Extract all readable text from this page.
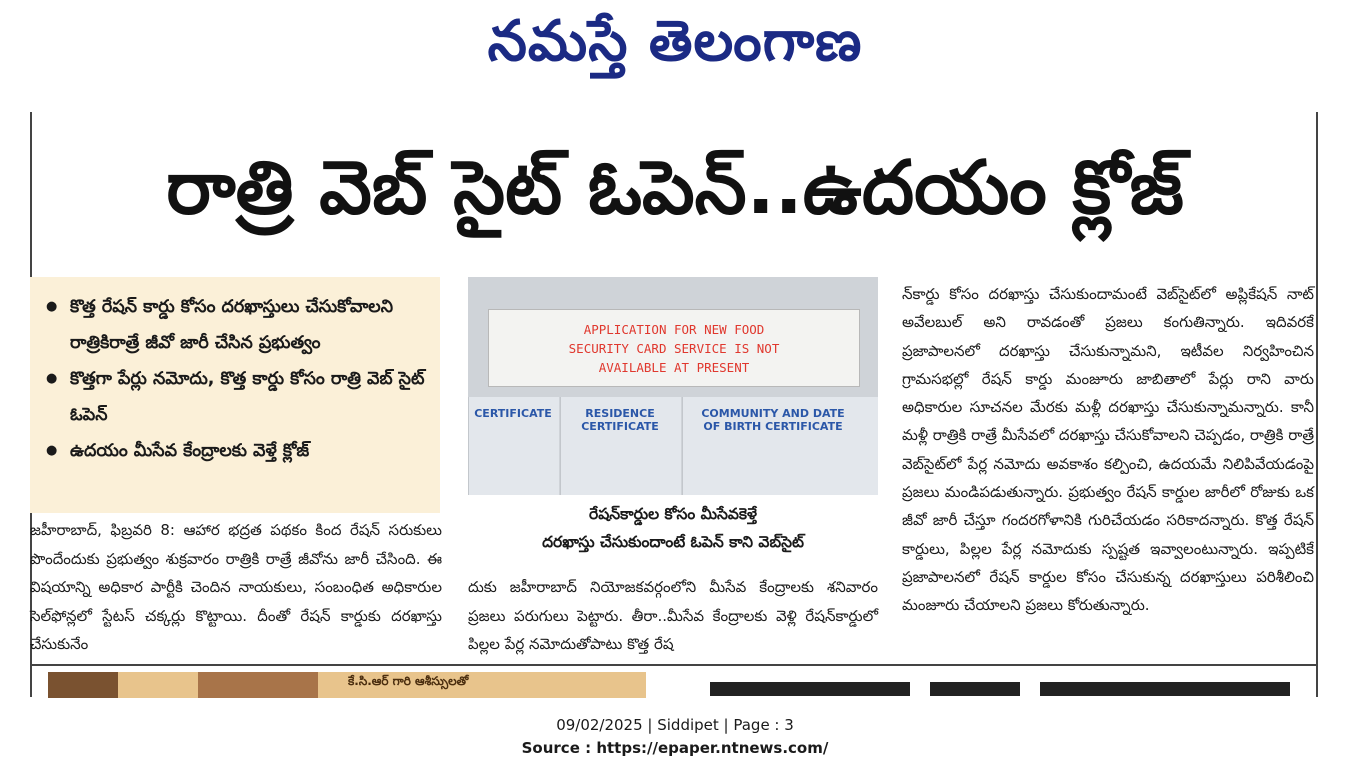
నమస్తే తెలంగాణ
రాత్రి వెబ్ సైట్ ఓపెన్..ఉదయం క్లోజ్
● కొత్త రేషన్ కార్డు కోసం దరఖాస్తులు చేసుకోవాలని రాత్రికిరాత్రే జీవో జారీ చేసిన ప్రభుత్వం
● కొత్తగా పేర్లు నమోదు, కొత్త కార్డు కోసం రాత్రి వెబ్ సైట్ ఓపెన్
● ఉదయం మీసేవ కేంద్రాలకు వెళ్తే క్లోజ్
జహీరాబాద్, ఫిబ్రవరి 8: ఆహార భద్రత పథకం కింద రేషన్ సరుకులు పొందేందుకు ప్రభుత్వం శుక్రవారం రాత్రికి రాత్రే జీవోను జారీ చేసింది. ఈ విషయాన్ని అధికార పార్టీకి చెందిన నాయకులు, సంబంధిత అధికారుల సెల్‌ఫోన్లలో స్టేటస్ చక్కర్లు కొట్టాయి. దీంతో రేషన్ కార్డుకు దరఖాస్తు చేసుకునేం
APPLICATION FOR NEW FOOD
SECURITY CARD SERVICE IS NOT
AVAILABLE AT PRESENT
CERTIFICATE	RESIDENCE CERTIFICATE
COMMUNITY AND DATE OF BIRTH CERTIFICATE
రేషన్‌కార్డుల కోసం మీసేవకెళ్తే
దరఖాస్తు చేసుకుందాంటే ఓపెన్ కాని వెబ్‌సైట్
దుకు జహీరాబాద్ నియోజకవర్గంలోని మీసేవ కేంద్రాలకు శనివారం ప్రజలు పరుగులు పెట్టారు. తీరా..మీసేవ కేంద్రాలకు వెళ్లి రేషన్‌కార్డులో పిల్లల పేర్ల నమోదుతోపాటు కొత్త రేష
న్‌కార్డు కోసం దరఖాస్తు చేసుకుందామంటే వెబ్‌సైట్‌లో అప్లికేషన్ నాట్ అవేలబుల్ అని రావడంతో ప్రజలు కంగుతిన్నారు. ఇదివరకే ప్రజాపాలనలో దరఖాస్తు చేసుకున్నామని, ఇటీవల నిర్వహించిన గ్రామసభల్లో రేషన్ కార్డు మంజూరు జాబితాలో పేర్లు రాని వారు అధికారుల సూచనల మేరకు మళ్లీ దరఖాస్తు చేసుకున్నామన్నారు. కానీ మళ్లీ రాత్రికి రాత్రే మీసేవలో దరఖాస్తు చేసుకోవాలని చెప్పడం, రాత్రికి రాత్రే వెబ్‌సైట్‌లో పేర్ల నమోదు అవకాశం కల్పించి, ఉదయమే నిలిపివేయడంపై ప్రజలు మండిపడుతున్నారు. ప్రభుత్వం రేషన్ కార్డుల జారీలో రోజుకు ఒక జీవో జారీ చేస్తూ గందరగోళానికి గురిచేయడం సరికాదన్నారు. కొత్త రేషన్ కార్డులు, పిల్లల పేర్ల నమోదుకు స్పష్టత ఇవ్వాలంటున్నారు. ఇప్పటికే ప్రజాపాలనలో రేషన్ కార్డుల కోసం చేసుకున్న దరఖాస్తులు పరిశీలించి మంజూరు చేయాలని ప్రజలు కోరుతున్నారు.
కే.సి.ఆర్ గారి ఆశీస్సులతో
09/02/2025 | Siddipet | Page : 3
Source : https://epaper.ntnews.com/
